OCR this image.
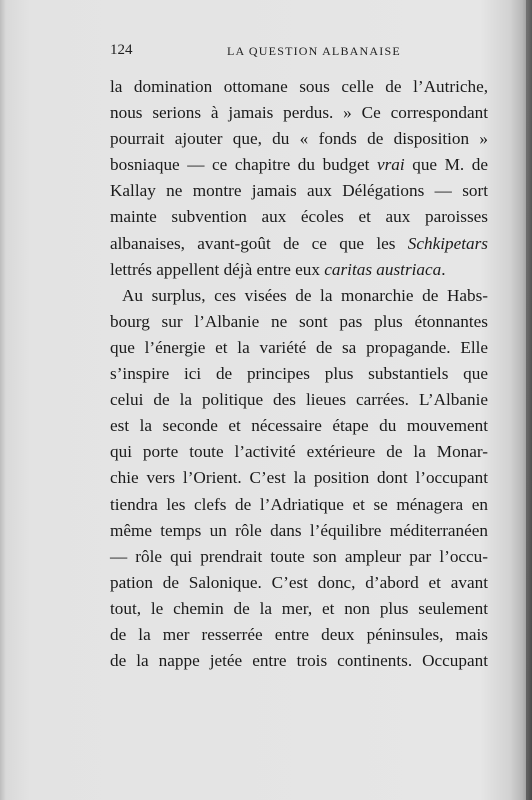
124	LA QUESTION ALBANAISE
la domination ottomane sous celle de l’Autriche,
nous serions à jamais perdus. » Ce correspondant
pourrait ajouter que, du « fonds de disposition »
bosniaque — ce chapitre du budget vrai que M. de
Kallay ne montre jamais aux Délégations — sort
mainte subvention aux écoles et aux paroisses
albanaises, avant-goût de ce que les Schkipetars
lettrés appellent déjà entre eux caritas austriaca.
Au surplus, ces visées de la monarchie de Habs-
bourg sur l’Albanie ne sont pas plus étonnantes
que l’énergie et la variété de sa propagande. Elle
s’inspire ici de principes plus substantiels que
celui de la politique des lieues carrées. L’Albanie
est la seconde et nécessaire étape du mouvement
qui porte toute l’activité extérieure de la Monar-
chie vers l’Orient. C’est la position dont l’occupant
tiendra les clefs de l’Adriatique et se ménagera en
même temps un rôle dans l’équilibre méditerranéen
— rôle qui prendrait toute son ampleur par l’occu-
pation de Salonique. C’est donc, d’abord et avant
tout, le chemin de la mer, et non plus seulement
de la mer resserrée entre deux péninsules, mais
de la nappe jetée entre trois continents. Occupant
